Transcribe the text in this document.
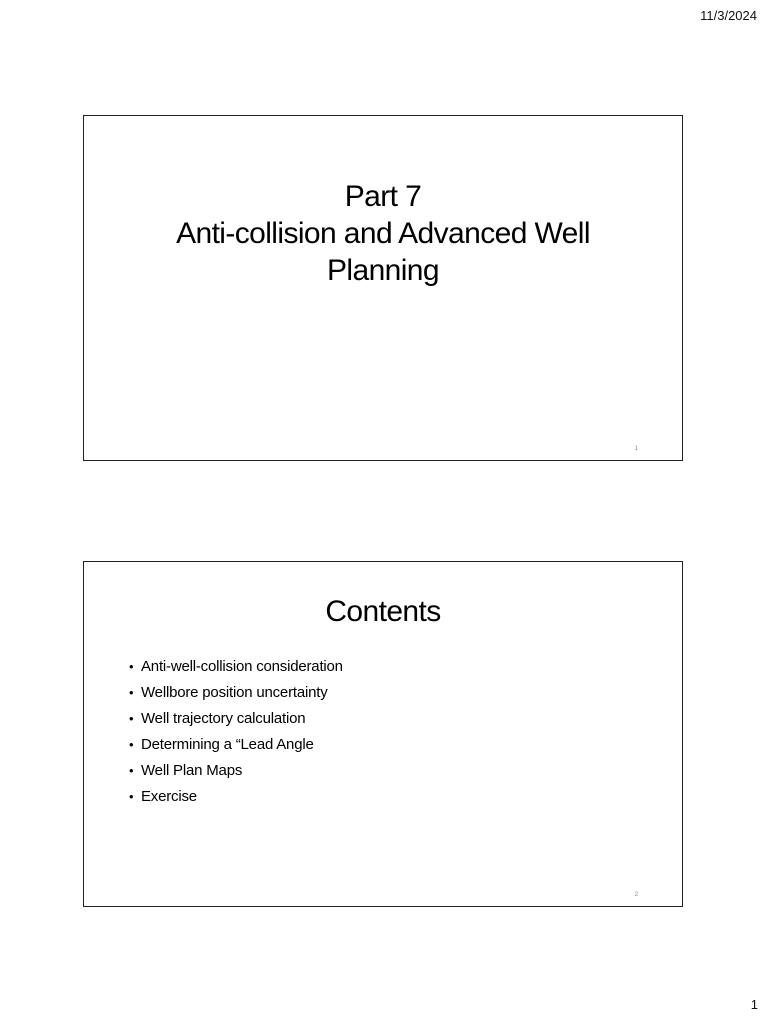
11/3/2024
Part 7
Anti-collision and Advanced Well
Planning
1
Contents
• Anti-well-collision consideration
• Wellbore position uncertainty
• Well trajectory calculation
• Determining a “Lead Angle
• Well Plan Maps
• Exercise
2
1
